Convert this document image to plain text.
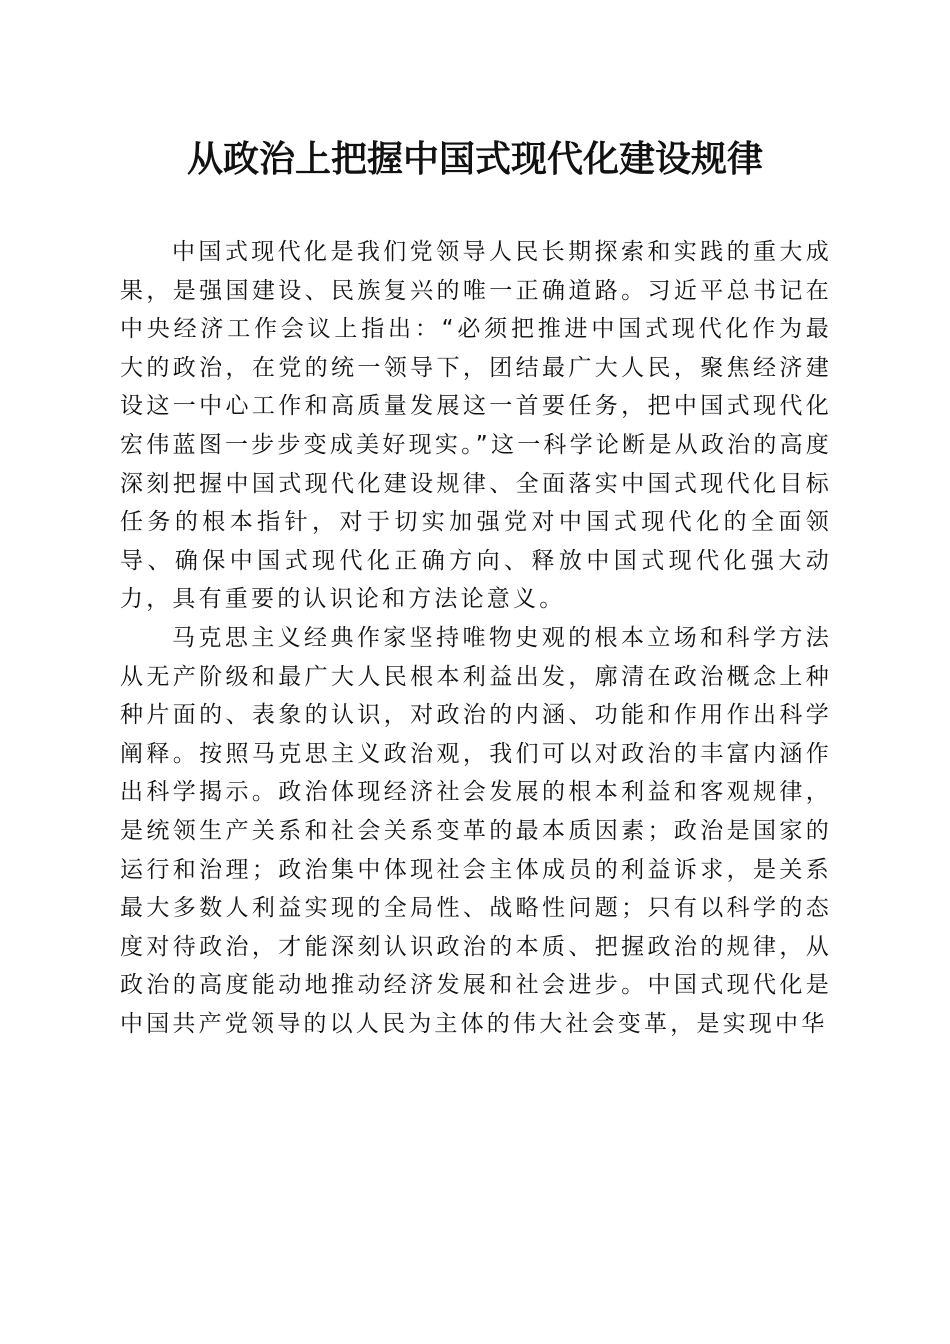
从政治上把握中国式现代化建设规律

中国式现代化是我们党领导人民长期探索和实践的重大成果，是强国建设、民族复兴的唯一正确道路。习近平总书记在中央经济工作会议上指出：“必须把推进中国式现代化作为最大的政治，在党的统一领导下，团结最广大人民，聚焦经济建设这一中心工作和高质量发展这一首要任务，把中国式现代化宏伟蓝图一步步变成美好现实。”这一科学论断是从政治的高度深刻把握中国式现代化建设规律、全面落实中国式现代化目标任务的根本指针，对于切实加强党对中国式现代化的全面领导、确保中国式现代化正确方向、释放中国式现代化强大动力，具有重要的认识论和方法论意义。

马克思主义经典作家坚持唯物史观的根本立场和科学方法从无产阶级和最广大人民根本利益出发，廓清在政治概念上种种片面的、表象的认识，对政治的内涵、功能和作用作出科学阐释。按照马克思主义政治观，我们可以对政治的丰富内涵作出科学揭示。政治体现经济社会发展的根本利益和客观规律，是统领生产关系和社会关系变革的最本质因素；政治是国家的运行和治理；政治集中体现社会主体成员的利益诉求，是关系最大多数人利益实现的全局性、战略性问题；只有以科学的态度对待政治，才能深刻认识政治的本质、把握政治的规律，从政治的高度能动地推动经济发展和社会进步。中国式现代化是中国共产党领导的以人民为主体的伟大社会变革，是实现中华
